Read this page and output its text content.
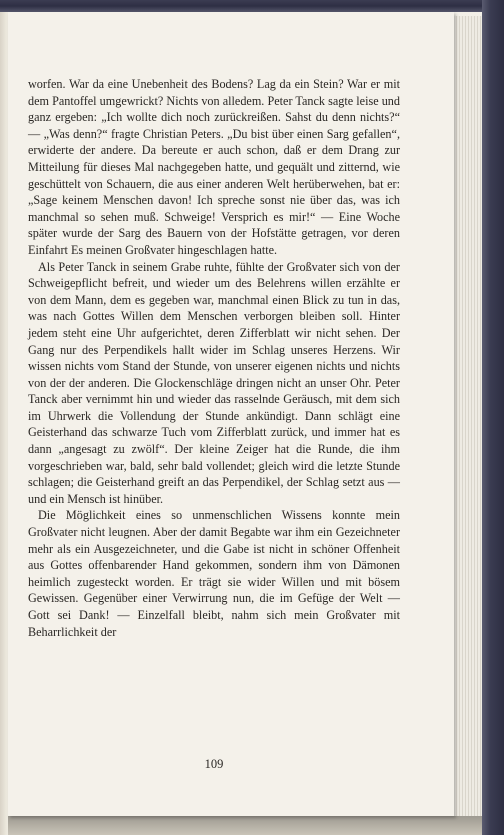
worfen. War da eine Unebenheit des Bodens? Lag da ein Stein? War er mit dem Pantoffel umgewrickt? Nichts von alledem. Peter Tanck sagte leise und ganz ergeben: „Ich wollte dich noch zurückreißen. Sahst du denn nichts?“ — „Was denn?“ fragte Christian Peters. „Du bist über einen Sarg gefallen“, erwiderte der andere. Da bereute er auch schon, daß er dem Drang zur Mitteilung für dieses Mal nachgegeben hatte, und gequält und zitternd, wie geschüttelt von Schauern, die aus einer anderen Welt herüberwehen, bat er: „Sage keinem Menschen davon! Ich spreche sonst nie über das, was ich manchmal so sehen muß. Schweige! Versprich es mir!“ — Eine Woche später wurde der Sarg des Bauern von der Hofstätte getragen, vor deren Einfahrt Es meinen Großvater hingeschlagen hatte.

Als Peter Tanck in seinem Grabe ruhte, fühlte der Großvater sich von der Schweigepflicht befreit, und wieder um des Belehrens willen erzählte er von dem Mann, dem es gegeben war, manchmal einen Blick zu tun in das, was nach Gottes Willen dem Menschen verborgen bleiben soll. Hinter jedem steht eine Uhr aufgerichtet, deren Zifferblatt wir nicht sehen. Der Gang nur des Perpendikels hallt wider im Schlag unseres Herzens. Wir wissen nichts vom Stand der Stunde, von unserer eigenen nichts und nichts von der der anderen. Die Glockenschläge dringen nicht an unser Ohr. Peter Tanck aber vernimmt hin und wieder das rasselnde Geräusch, mit dem sich im Uhrwerk die Vollendung der Stunde ankündigt. Dann schlägt eine Geisterhand das schwarze Tuch vom Zifferblatt zurück, und immer hat es dann „angesagt zu zwölf“. Der kleine Zeiger hat die Runde, die ihm vorgeschrieben war, bald, sehr bald vollendet; gleich wird die letzte Stunde schlagen; die Geisterhand greift an das Perpendikel, der Schlag setzt aus — und ein Mensch ist hinüber.

Die Möglichkeit eines so unmenschlichen Wissens konnte mein Großvater nicht leugnen. Aber der damit Begabte war ihm ein Gezeichneter mehr als ein Ausgezeichneter, und die Gabe ist nicht in schöner Offenheit aus Gottes offenbarender Hand gekommen, sondern ihm von Dämonen heimlich zugesteckt worden. Er trägt sie wider Willen und mit bösem Gewissen. Gegenüber einer Verwirrung nun, die im Gefüge der Welt — Gott sei Dank! — Einzelfall bleibt, nahm sich mein Großvater mit Beharrlichkeit der

109
